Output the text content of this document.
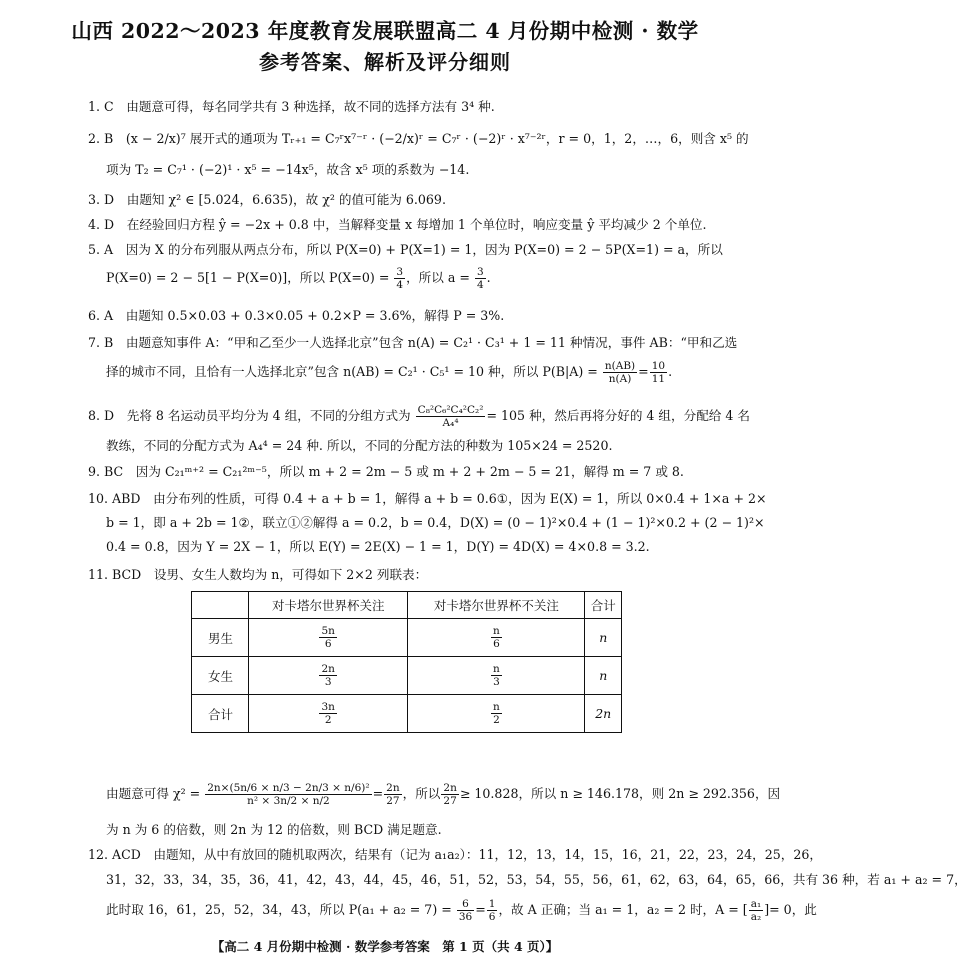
山西 2022～2023 年度教育发展联盟高二 4 月份期中检测 · 数学
参考答案、解析及评分细则
1. C　 由题意可得，每名同学共有 3 种选择，故不同的选择方法有 3⁴ 种.
2. B　 (x − 2/x)⁷ 展开式的通项为 Tᵣ₊₁ = C₇ʳx⁷⁻ʳ · (−2/x)ʳ = C₇ʳ · (−2)ʳ · x⁷⁻²ʳ，r = 0，1，2，…，6，则含 x⁵ 的
项为 T₂ = C₇¹ · (−2)¹ · x⁵ = −14x⁵，故含 x⁵ 项的系数为 −14.
3. D　 由题知 χ² ∈ [5.024，6.635)，故 χ² 的值可能为 6.069.
4. D　 在经验回归方程 ŷ = −2x + 0.8 中，当解释变量 x 每增加 1 个单位时，响应变量 ŷ 平均减少 2 个单位.
5. A　 因为 X 的分布列服从两点分布，所以 P(X=0) + P(X=1) = 1，因为 P(X=0) = 2 − 5P(X=1) = a，所以
P(X=0) = 2 − 5[1 − P(X=0)]，所以 $P(X=0) = \frac{3}{4}$ ，所以 $a = \frac{3}{4}$ .
6. A　 由题知 0.5×0.03 + 0.3×0.05 + 0.2×P = 3.6%，解得 P = 3%.
7. B　 由题意知事件 A：“甲和乙至少一人选择北京”包含 n(A) = C₂¹ · C₃¹ + 1 = 11 种情况，事件 AB：“甲和乙选
择的城市不同，且恰有一人选择北京”包含 n(AB) = C₂¹ · C₅¹ = 10 种，所以 $P(B|A) = \frac{n(AB)}{n(A)} = \frac{10}{11}$ .
8. D　 先将 8 名运动员平均分为 4 组，不同的分组方式为 $\frac{\text{C₈²C₆²C₄²C₂²}}{\text{A₄⁴}} = 105$ 种，然后再将分好的 4 组，分配给 4 名
教练，不同的分配方式为 A₄⁴ = 24 种. 所以，不同的分配方法的种数为 105×24 = 2520.
9. BC　 因为 C₂₁ᵐ⁺² = C₂₁²ᵐ⁻⁵，所以 m + 2 = 2m − 5 或 m + 2 + 2m − 5 = 21，解得 m = 7 或 8.
10. ABD　 由分布列的性质，可得 0.4 + a + b = 1，解得 a + b = 0.6①，因为 E(X) = 1，所以 0×0.4 + 1×a + 2×
b = 1，即 a + 2b = 1②，联立①②解得 a = 0.2，b = 0.4，D(X) = (0 − 1)²×0.4 + (1 − 1)²×0.2 + (2 − 1)²×
0.4 = 0.8，因为 Y = 2X − 1，所以 E(Y) = 2E(X) − 1 = 1，D(Y) = 4D(X) = 4×0.8 = 3.2.
11. BCD　 设男、女生人数均为 n，可得如下 2×2 列联表：
	对卡塔尔世界杯关注	对卡塔尔世界杯不关注	合计
男生	$\frac{5n}{6}$	$\frac{n}{6}$	n
女生	$\frac{2n}{3}$	$\frac{n}{3}$	n
合计	$\frac{3n}{2}$	$\frac{n}{2}$	2n
由题意可得 $\chi^2 = \frac{\text{2n×(5n/6 × n/3 − 2n/3 × n/6)²}}{\text{n² × 3n/2 × n/2}} = \frac{2n}{27}$ ，所以 $\frac{2n}{27} \ge 10.828$，所以 n ≥ 146.178，则 2n ≥ 292.356，因
为 n 为 6 的倍数，则 2n 为 12 的倍数，则 BCD 满足题意.
12. ACD　 由题知，从中有放回的随机取两次，结果有（记为 a₁a₂）：11，12，13，14，15，16，21，22，23，24，25，26，
31，32，33，34，35，36，41，42，43，44，45，46，51，52，53，54，55，56，61，62，63，64，65，66，共有 36 种，若 a₁ + a₂ = 7，
此时取 16，61，25，52，34，43，所以 $P(a_1 + a_2 = 7) = \frac{6}{36} = \frac{1}{6}$ ，故 A 正确；当 a₁ = 1，a₂ = 2 时，A = [ $\frac{\text{a₁}}{\text{a₂}}$ ]= 0，此
【高二 4 月份期中检测 · 数学参考答案　第 1 页（共 4 页）】
